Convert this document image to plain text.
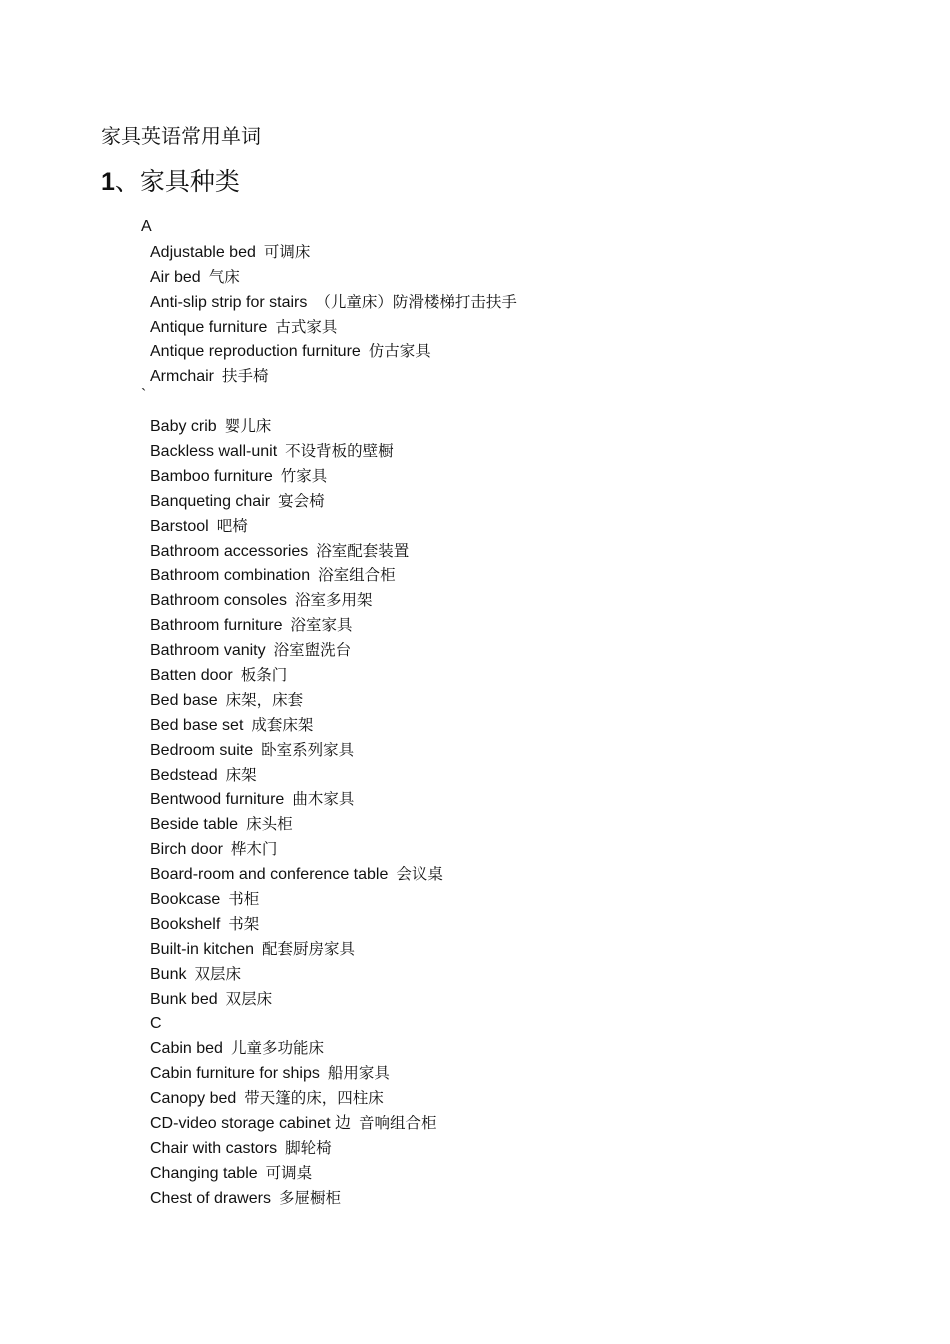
家具英语常用单词
1、家具种类
A
Adjustable bed 可调床
Air bed 气床
Anti-slip strip for stairs （儿童床）防滑楼梯打击扶手
Antique furniture 古式家具
Antique reproduction furniture 仿古家具
Armchair 扶手椅
`
Baby crib 婴儿床
Backless wall-unit 不设背板的壁橱
Bamboo furniture 竹家具
Banqueting chair 宴会椅
Barstool 吧椅
Bathroom accessories 浴室配套装置
Bathroom combination 浴室组合柜
Bathroom consoles 浴室多用架
Bathroom furniture 浴室家具
Bathroom vanity 浴室盥洗台
Batten door 板条门
Bed base 床架，床套
Bed base set 成套床架
Bedroom suite 卧室系列家具
Bedstead 床架
Bentwood furniture 曲木家具
Beside table 床头柜
Birch door 桦木门
Board-room and conference table 会议桌
Bookcase 书柜
Bookshelf 书架
Built-in kitchen 配套厨房家具
Bunk 双层床
Bunk bed 双层床
C
Cabin bed 儿童多功能床
Cabin furniture for ships 船用家具
Canopy bed 带天篷的床，四柱床
CD-video storage cabinet 边 音响组合柜
Chair with castors 脚轮椅
Changing table 可调桌
Chest of drawers 多屉橱柜
